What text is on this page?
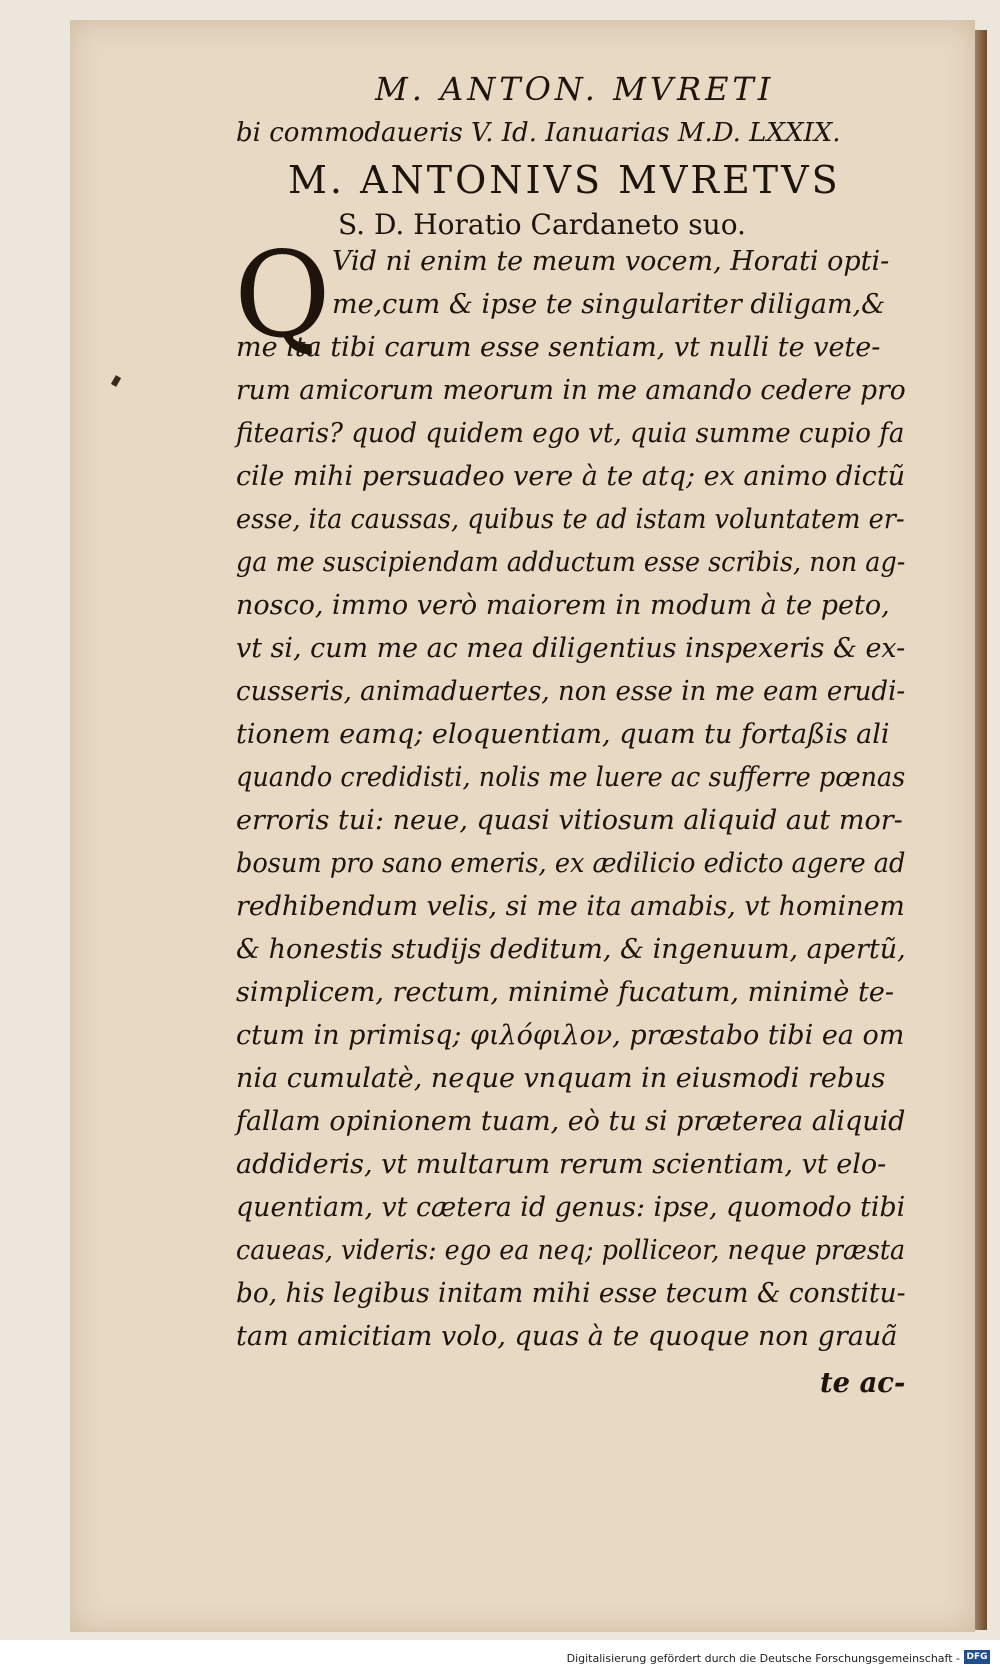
M. ANTON. MVRETI
bi commodaueris V. Id. Ianuarias M.D. LXXIX.
M. ANTONIVS MVRETVS
S. D. Horatio Cardaneto suo.
Q Vid ni enim te meum vocem, Horati opti-
me,cum & ipse te singulariter diligam,&
me ita tibi carum esse sentiam, vt nulli te vete-
rum amicorum meorum in me amando cedere pro
fitearis? quod quidem ego vt, quia summe cupio fa
cile mihi persuadeo vere à te atq; ex animo dictũ
esse, ita caussas, quibus te ad istam voluntatem er-
ga me suscipiendam adductum esse scribis, non ag-
nosco, immo verò maiorem in modum à te peto,
vt si, cum me ac mea diligentius inspexeris & ex-
cusseris, animaduertes, non esse in me eam erudi-
tionem eamq; eloquentiam, quam tu fortaßis ali
quando credidisti, nolis me luere ac sufferre pœnas
erroris tui: neue, quasi vitiosum aliquid aut mor-
bosum pro sano emeris, ex ædilicio edicto agere ad
redhibendum velis, si me ita amabis, vt hominem
& honestis studijs deditum, & ingenuum, apertũ,
simplicem, rectum, minimè fucatum, minimè te-
ctum in primisq; φιλόφιλον, præstabo tibi ea om
nia cumulatè, neque vnquam in eiusmodi rebus
fallam opinionem tuam, eò tu si præterea aliquid
addideris, vt multarum rerum scientiam, vt elo-
quentiam, vt cætera id genus: ipse, quomodo tibi
caueas, videris: ego ea neq; polliceor, neque præsta
bo, his legibus initam mihi esse tecum & constitu-
tam amicitiam volo, quas à te quoque non grauã
te ac-
Digitalisierung gefördert durch die Deutsche Forschungsgemeinschaft - DFG
